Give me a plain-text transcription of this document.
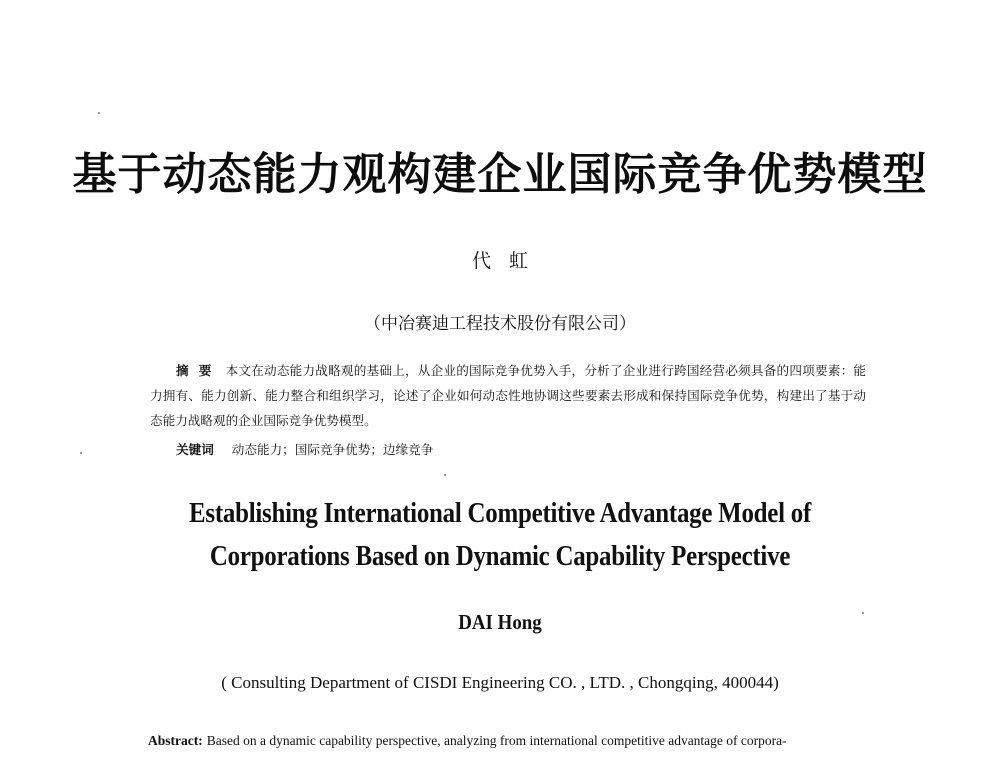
基于动态能力观构建企业国际竞争优势模型
代虹
（中冶赛迪工程技术股份有限公司）
摘要 本文在动态能力战略观的基础上，从企业的国际竞争优势入手，分析了企业进行跨国经营必须具备的四项要素：能力拥有、能力创新、能力整合和组织学习，论述了企业如何动态性地协调这些要素去形成和保持国际竞争优势，构建出了基于动态能力战略观的企业国际竞争优势模型。
关键词 动态能力；国际竞争优势；边缘竞争
Establishing International Competitive Advantage Model of
Corporations Based on Dynamic Capability Perspective
DAI Hong
( Consulting Department of CISDI Engineering CO. , LTD. , Chongqing, 400044)
Abstract: Based on a dynamic capability perspective, analyzing from international competitive advantage of corpora-
